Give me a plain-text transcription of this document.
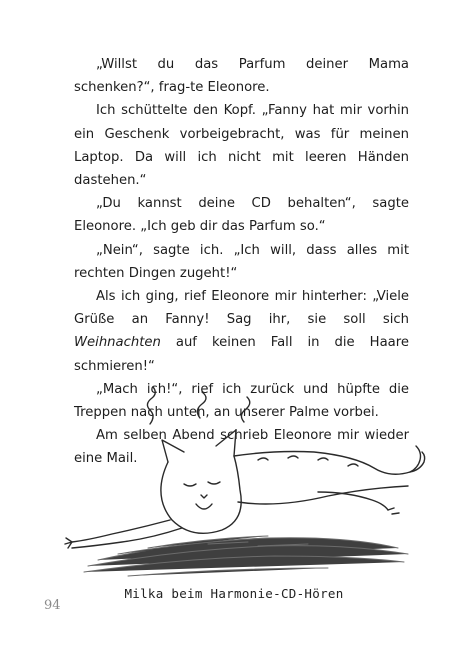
„Willst du das Parfum deiner Mama schenken?“, frag-te Eleonore.

Ich schüttelte den Kopf. „Fanny hat mir vorhin ein Geschenk vorbeigebracht, was für meinen Laptop. Da will ich nicht mit leeren Händen dastehen.“

„Du kannst deine CD behalten“, sagte Eleonore. „Ich geb dir das Parfum so.“

„Nein“, sagte ich. „Ich will, dass alles mit rechten Dingen zugeht!“

Als ich ging, rief Eleonore mir hinterher: „Viele Grüße an Fanny! Sag ihr, sie soll sich Weihnachten auf keinen Fall in die Haare schmieren!“

„Mach ich!“, rief ich zurück und hüpfte die Treppen nach unten, an unserer Palme vorbei.

Am selben Abend schrieb Eleonore mir wieder eine Mail.

Milka beim Harmonie-CD-Hören
94
